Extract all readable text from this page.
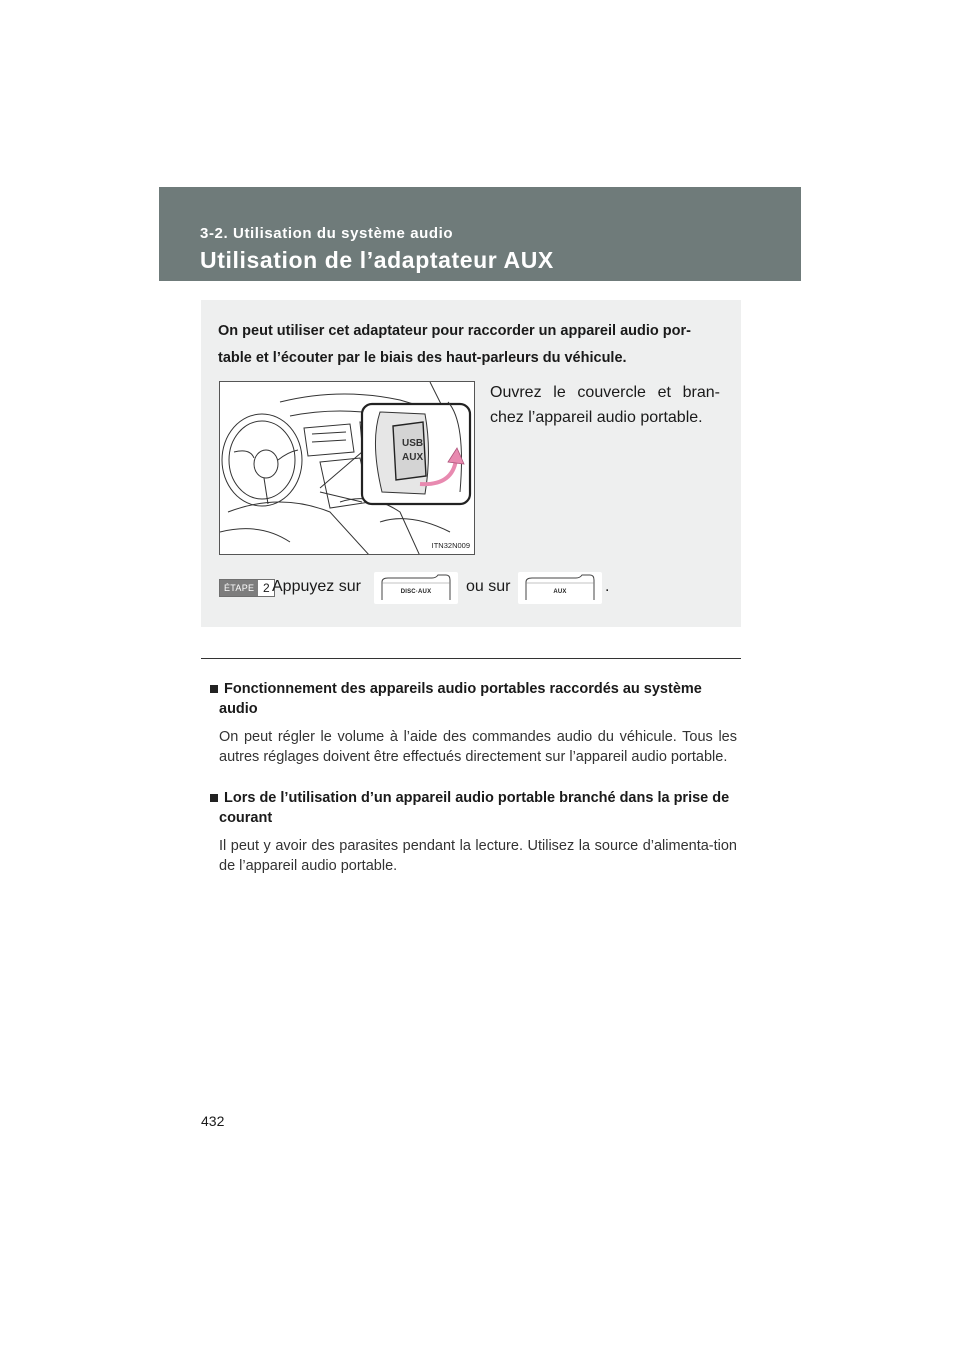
3-2. Utilisation du système audio
Utilisation de l’adaptateur AUX
On peut utiliser cet adaptateur pour raccorder un appareil audio por-table et l’écouter par le biais des haut-parleurs du véhicule.
USB
AUX
ITN32N009
Ouvrez le couvercle et bran-chez l’appareil audio portable.
ÉTAPE 2 Appuyez sur	DISC·AUX	ou sur	AUX	.
Fonctionnement des appareils audio portables raccordés au système audio
On peut régler le volume à l’aide des commandes audio du véhicule. Tous les autres réglages doivent être effectués directement sur l’appareil audio portable.
Lors de l’utilisation d’un appareil audio portable branché dans la prise de courant
Il peut y avoir des parasites pendant la lecture. Utilisez la source d’alimenta-tion de l’appareil audio portable.
432
